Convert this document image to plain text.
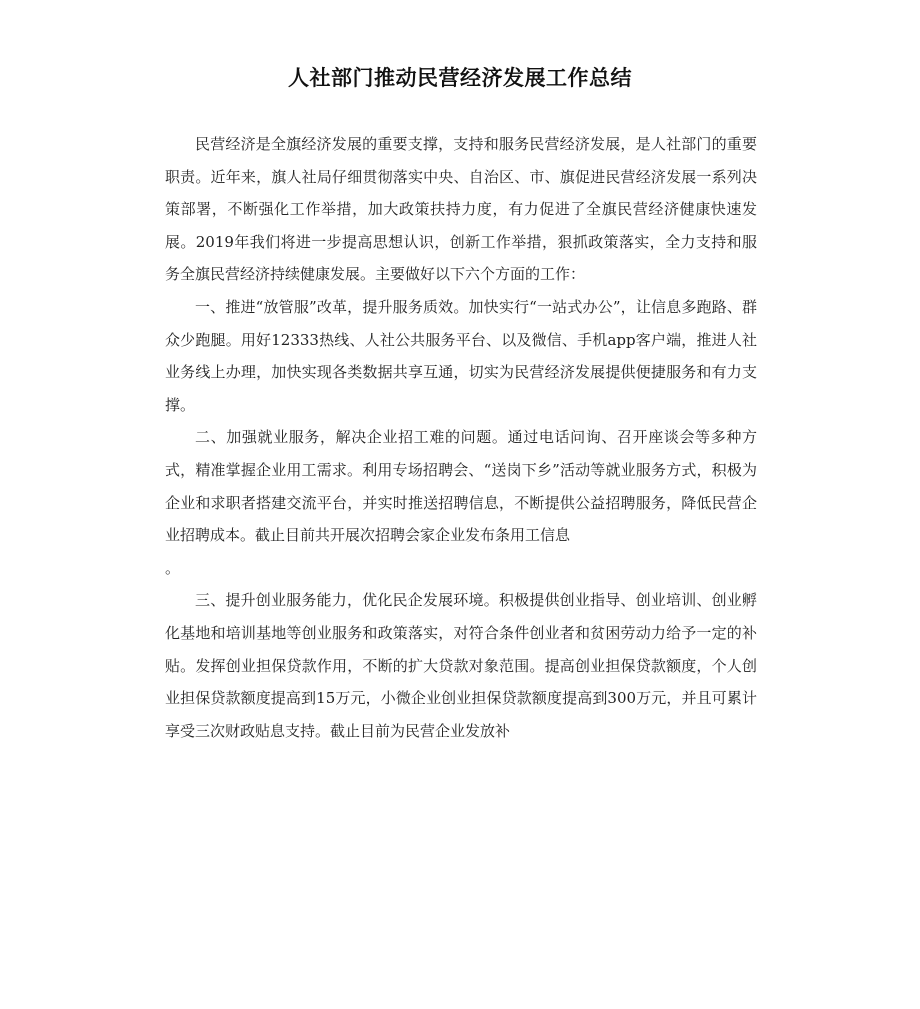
人社部门推动民营经济发展工作总结

民营经济是全旗经济发展的重要支撑，支持和服务民营经济发展，是人社部门的重要职责。近年来，旗人社局仔细贯彻落实中央、自治区、市、旗促进民营经济发展一系列决策部署，不断强化工作举措，加大政策扶持力度，有力促进了全旗民营经济健康快速发展。2019年我们将进一步提高思想认识，创新工作举措，狠抓政策落实，全力支持和服务全旗民营经济持续健康发展。主要做好以下六个方面的工作：

一、推进“放管服”改革，提升服务质效。加快实行“一站式办公”，让信息多跑路、群众少跑腿。用好12333热线、人社公共服务平台、以及微信、手机app客户端，推进人社业务线上办理，加快实现各类数据共享互通，切实为民营经济发展提供便捷服务和有力支撑。

二、加强就业服务，解决企业招工难的问题。通过电话问询、召开座谈会等多种方式，精准掌握企业用工需求。利用专场招聘会、“送岗下乡”活动等就业服务方式，积极为企业和求职者搭建交流平台，并实时推送招聘信息，不断提供公益招聘服务，降低民营企业招聘成本。截止目前共开展次招聘会家企业发布条用工信息

。

三、提升创业服务能力，优化民企发展环境。积极提供创业指导、创业培训、创业孵化基地和培训基地等创业服务和政策落实，对符合条件创业者和贫困劳动力给予一定的补贴。发挥创业担保贷款作用，不断的扩大贷款对象范围。提高创业担保贷款额度，个人创业担保贷款额度提高到15万元，小微企业创业担保贷款额度提高到300万元，并且可累计享受三次财政贴息支持。截止目前为民营企业发放补
